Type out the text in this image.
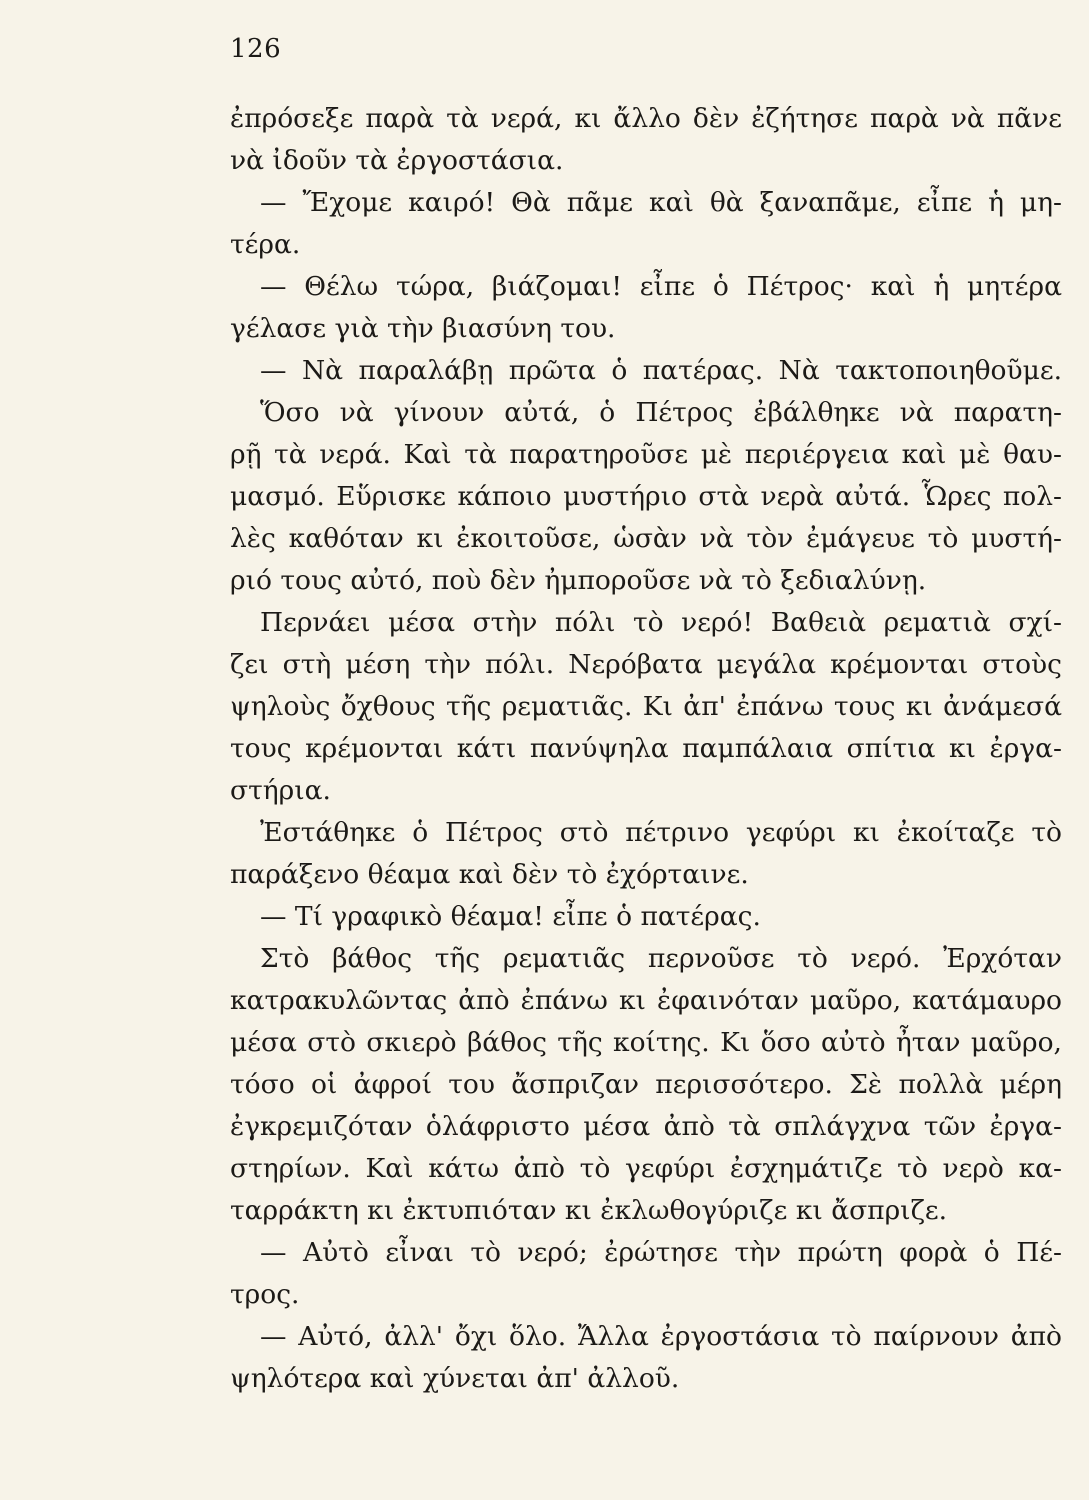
126
ἐπρόσεξε παρὰ τὰ νερά, κι ἄλλο δὲν ἐζήτησε παρὰ νὰ πᾶνε
νὰ ἰδοῦν τὰ ἐργοστάσια.
— Ἔχομε καιρό! Θὰ πᾶμε καὶ θὰ ξαναπᾶμε, εἶπε ἡ μη-
τέρα.
— Θέλω τώρα, βιάζομαι! εἶπε ὁ Πέτρος· καὶ ἡ μητέρα
γέλασε γιὰ τὴν βιασύνη του.
— Νὰ παραλάβῃ πρῶτα ὁ πατέρας. Νὰ τακτοποιηθοῦμε.
Ὅσο νὰ γίνουν αὐτά, ὁ Πέτρος ἐβάλθηκε νὰ παρατη-
ρῇ τὰ νερά. Καὶ τὰ παρατηροῦσε μὲ περιέργεια καὶ μὲ θαυ-
μασμό. Εὕρισκε κάποιο μυστήριο στὰ νερὰ αὐτά. Ὧρες πολ-
λὲς καθόταν κι ἐκοιτοῦσε, ὡσὰν νὰ τὸν ἐμάγευε τὸ μυστή-
ριό τους αὐτό, ποὺ δὲν ἠμποροῦσε νὰ τὸ ξεδιαλύνῃ.
Περνάει μέσα στὴν πόλι τὸ νερό! Βαθειὰ ρεματιὰ σχί-
ζει στὴ μέση τὴν πόλι. Νερόβατα μεγάλα κρέμονται στοὺς
ψηλοὺς ὄχθους τῆς ρεματιᾶς. Κι ἀπ' ἐπάνω τους κι ἀνάμεσά
τους κρέμονται κάτι πανύψηλα παμπάλαια σπίτια κι ἐργα-
στήρια.
Ἐστάθηκε ὁ Πέτρος στὸ πέτρινο γεφύρι κι ἐκοίταζε τὸ
παράξενο θέαμα καὶ δὲν τὸ ἐχόρταινε.
— Τί γραφικὸ θέαμα! εἶπε ὁ πατέρας.
Στὸ βάθος τῆς ρεματιᾶς περνοῦσε τὸ νερό. Ἐρχόταν
κατρακυλῶντας ἀπὸ ἐπάνω κι ἐφαινόταν μαῦρο, κατάμαυρο
μέσα στὸ σκιερὸ βάθος τῆς κοίτης. Κι ὅσο αὐτὸ ἦταν μαῦρο,
τόσο οἱ ἀφροί του ἄσπριζαν περισσότερο. Σὲ πολλὰ μέρη
ἐγκρεμιζόταν ὁλάφριστο μέσα ἀπὸ τὰ σπλάγχνα τῶν ἐργα-
στηρίων. Καὶ κάτω ἀπὸ τὸ γεφύρι ἐσχημάτιζε τὸ νερὸ κα-
ταρράκτη κι ἐκτυπιόταν κι ἐκλωθογύριζε κι ἄσπριζε.
— Αὐτὸ εἶναι τὸ νερό; ἐρώτησε τὴν πρώτη φορὰ ὁ Πέ-
τρος.
— Αὐτό, ἀλλ' ὄχι ὅλο. Ἄλλα ἐργοστάσια τὸ παίρνουν ἀπὸ
ψηλότερα καὶ χύνεται ἀπ' ἀλλοῦ.
